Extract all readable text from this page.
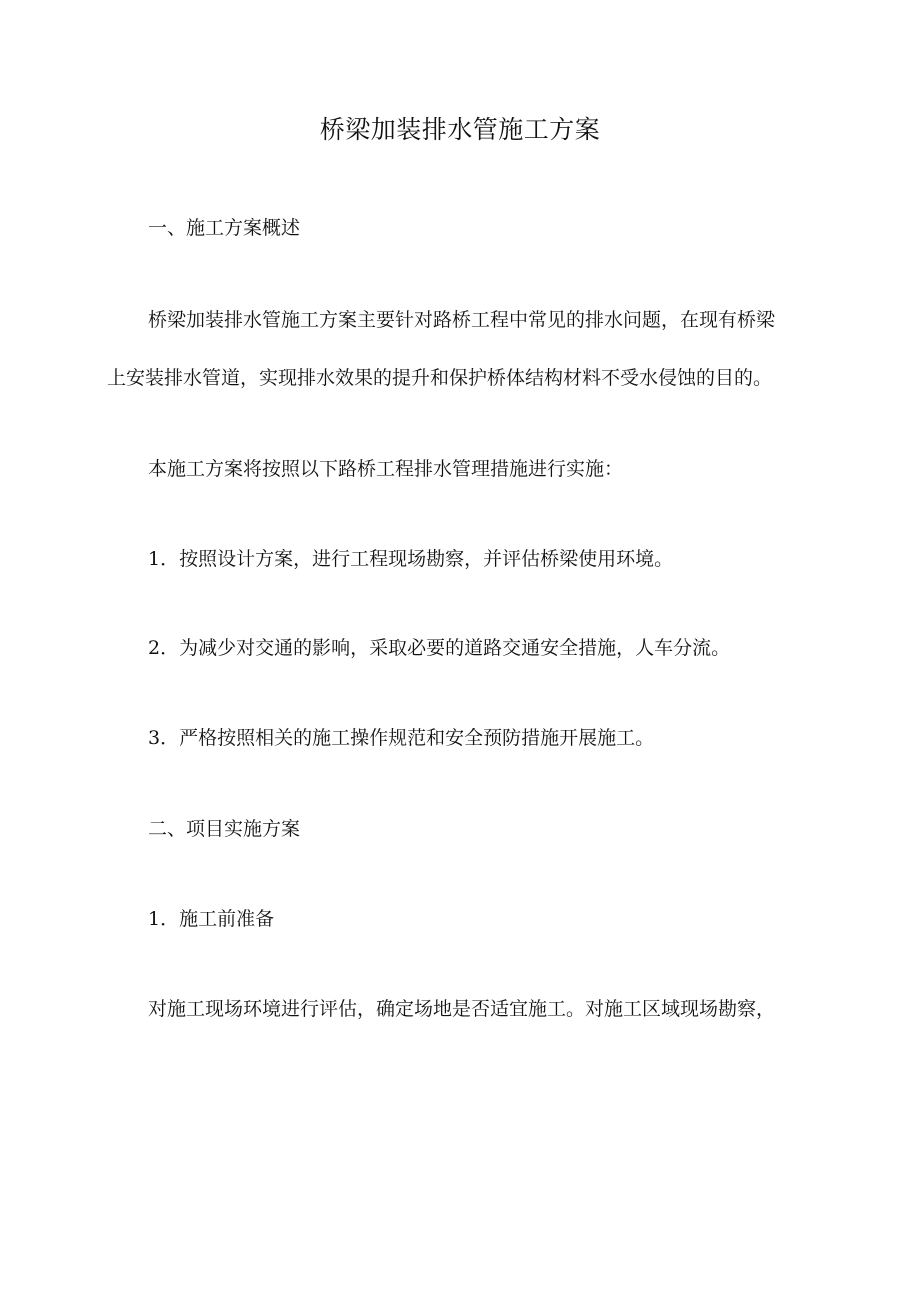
桥梁加装排水管施工方案
一、施工方案概述
桥梁加装排水管施工方案主要针对路桥工程中常见的排水问题，在现有桥梁
上安装排水管道，实现排水效果的提升和保护桥体结构材料不受水侵蚀的目的。
本施工方案将按照以下路桥工程排水管理措施进行实施：
1．按照设计方案，进行工程现场勘察，并评估桥梁使用环境。
2．为减少对交通的影响，采取必要的道路交通安全措施，人车分流。
3．严格按照相关的施工操作规范和安全预防措施开展施工。
二、项目实施方案
1．施工前准备
对施工现场环境进行评估，确定场地是否适宜施工。对施工区域现场勘察，
